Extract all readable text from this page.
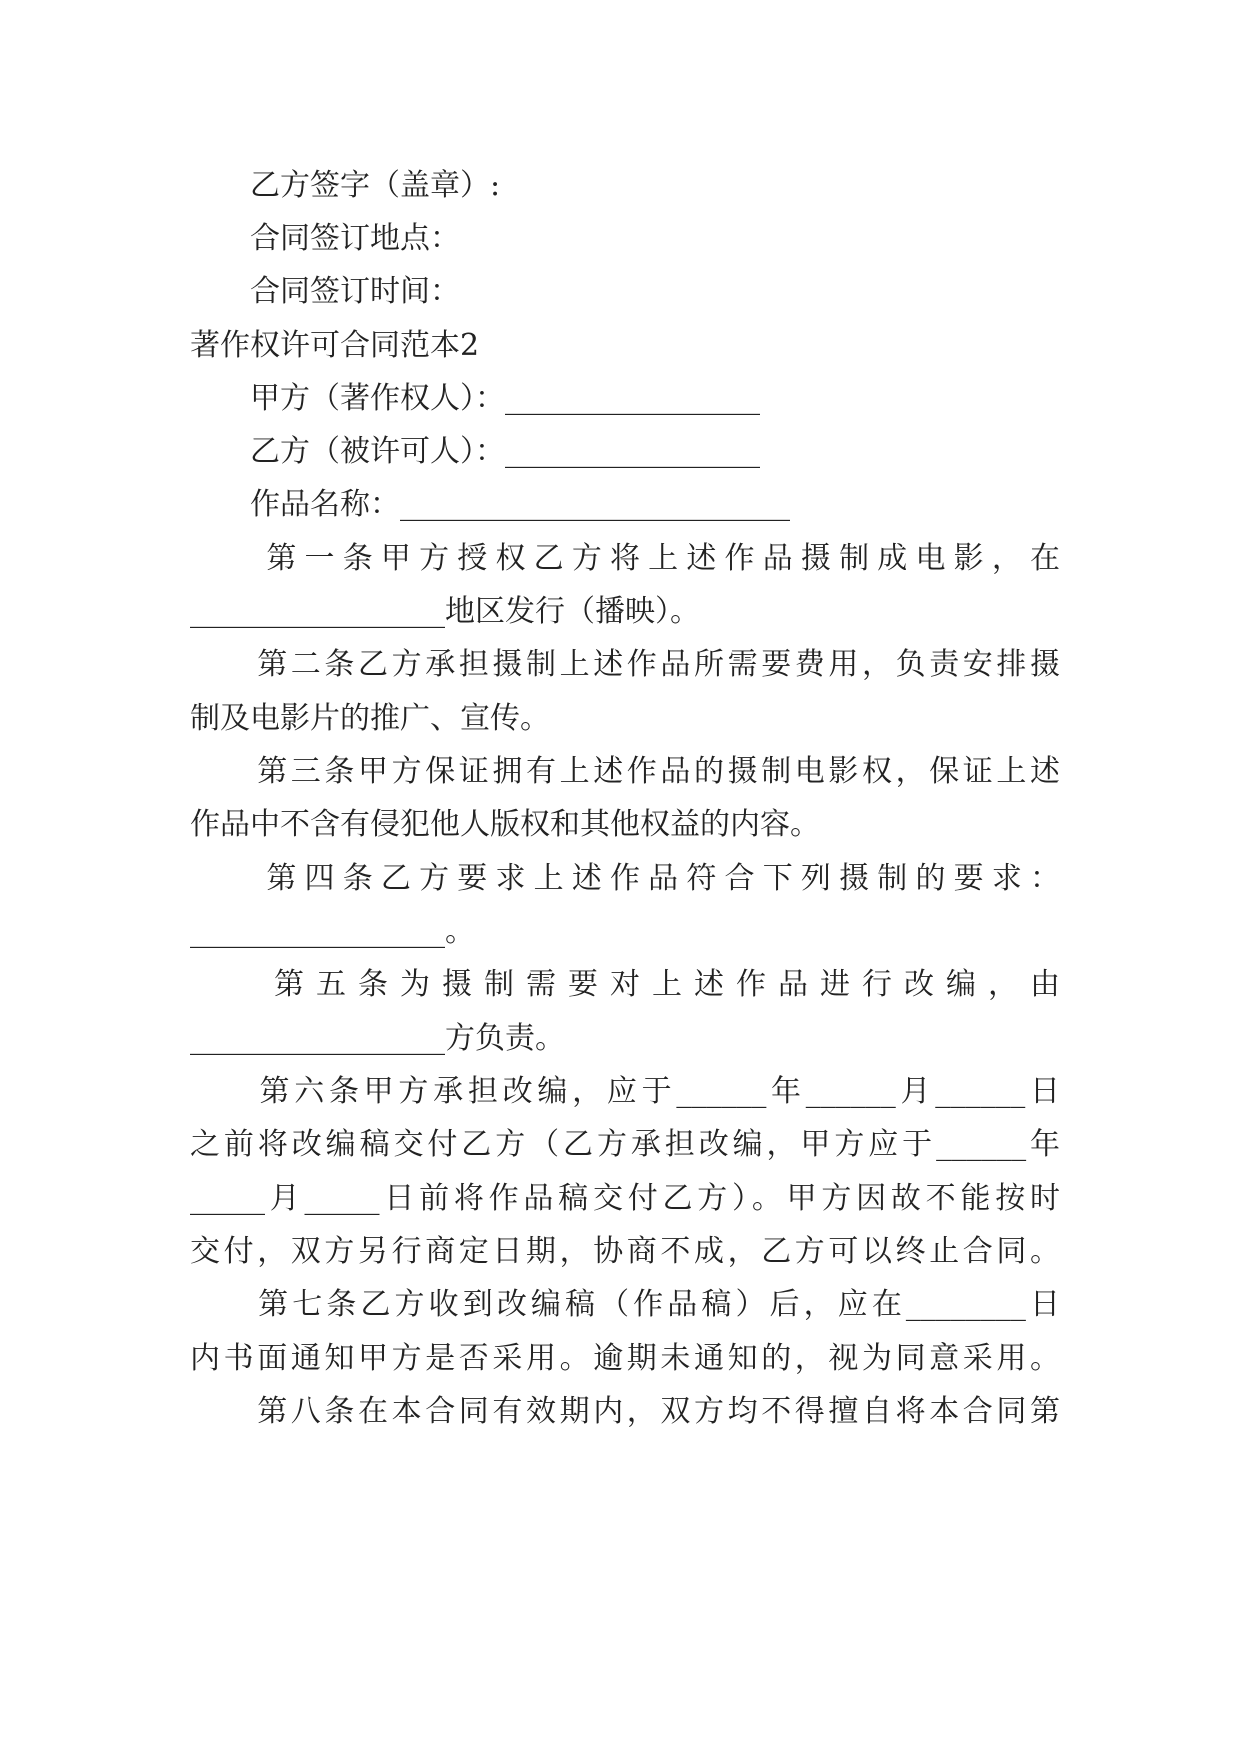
　　乙方签字（盖章）:
　　合同签订地点：
　　合同签订时间：
著作权许可合同范本2
　　甲方（著作权人）：_________________
　　乙方（被许可人）：_________________
　　作品名称：__________________________
　　第一条甲方授权乙方将上述作品摄制成电影，在
_________________地区发行（播映）。
　　第二条乙方承担摄制上述作品所需要费用，负责安排摄
制及电影片的推广、宣传。
　　第三条甲方保证拥有上述作品的摄制电影权，保证上述
作品中不含有侵犯他人版权和其他权益的内容。
　　第四条乙方要求上述作品符合下列摄制的要求：
_________________。
　　第五条为摄制需要对上述作品进行改编，由
_________________方负责。
　　第六条甲方承担改编，应于______年______月______日
之前将改编稿交付乙方（乙方承担改编，甲方应于______年
_____月_____日前将作品稿交付乙方）。甲方因故不能按时
交付，双方另行商定日期，协商不成，乙方可以终止合同。
　　第七条乙方收到改编稿（作品稿）后，应在________日
内书面通知甲方是否采用。逾期未通知的，视为同意采用。
　　第八条在本合同有效期内，双方均不得擅自将本合同第
